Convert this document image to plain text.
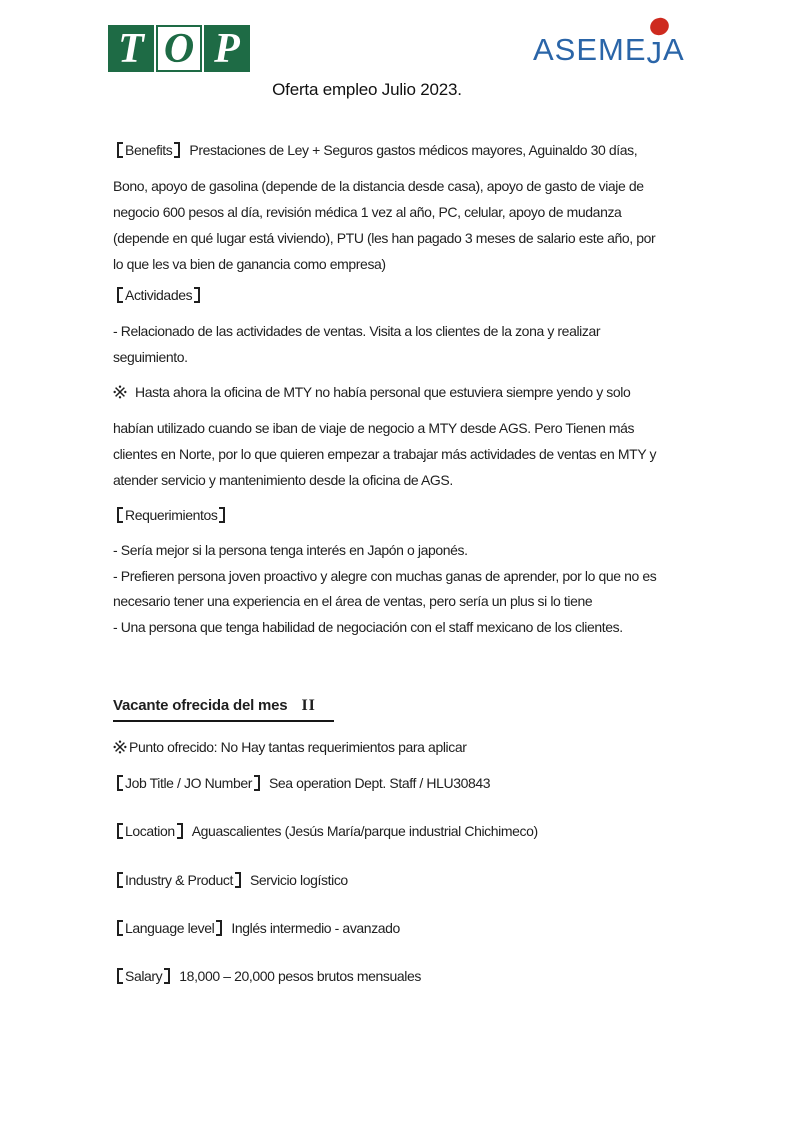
T O P	ASEME
JA
Oferta empleo Julio 2023.
Benefits Prestaciones de Ley + Seguros gastos médicos mayores, Aguinaldo 30 días,
Bono, apoyo de gasolina (depende de la distancia desde casa), apoyo de gasto de viaje de
negocio 600 pesos al día, revisión médica 1 vez al año, PC, celular, apoyo de mudanza
(depende en qué lugar está viviendo), PTU (les han pagado 3 meses de salario este año, por
lo que les va bien de ganancia como empresa)
Actividades
- Relacionado de las actividades de ventas. Visita a los clientes de la zona y realizar
seguimiento.
Hasta ahora la oficina de MTY no había personal que estuviera siempre yendo y solo
habían utilizado cuando se iban de viaje de negocio a MTY desde AGS. Pero Tienen más
clientes en Norte, por lo que quieren empezar a trabajar más actividades de ventas en MTY y
atender servicio y mantenimiento desde la oficina de AGS.
Requerimientos
- Sería mejor si la persona tenga interés en Japón o japonés.
- Prefieren persona joven proactivo y alegre con muchas ganas de aprender, por lo que no es
necesario tener una experiencia en el área de ventas, pero sería un plus si lo tiene
- Una persona que tenga habilidad de negociación con el staff mexicano de los clientes.
Vacante ofrecida del mes II
Punto ofrecido: No Hay tantas requerimientos para aplicar
Job Title / JO Number Sea operation Dept. Staff / HLU30843
Location Aguascalientes (Jesús María/parque industrial Chichimeco)
Industry & Product Servicio logístico
Language level Inglés intermedio - avanzado
Salary 18,000 – 20,000 pesos brutos mensuales
